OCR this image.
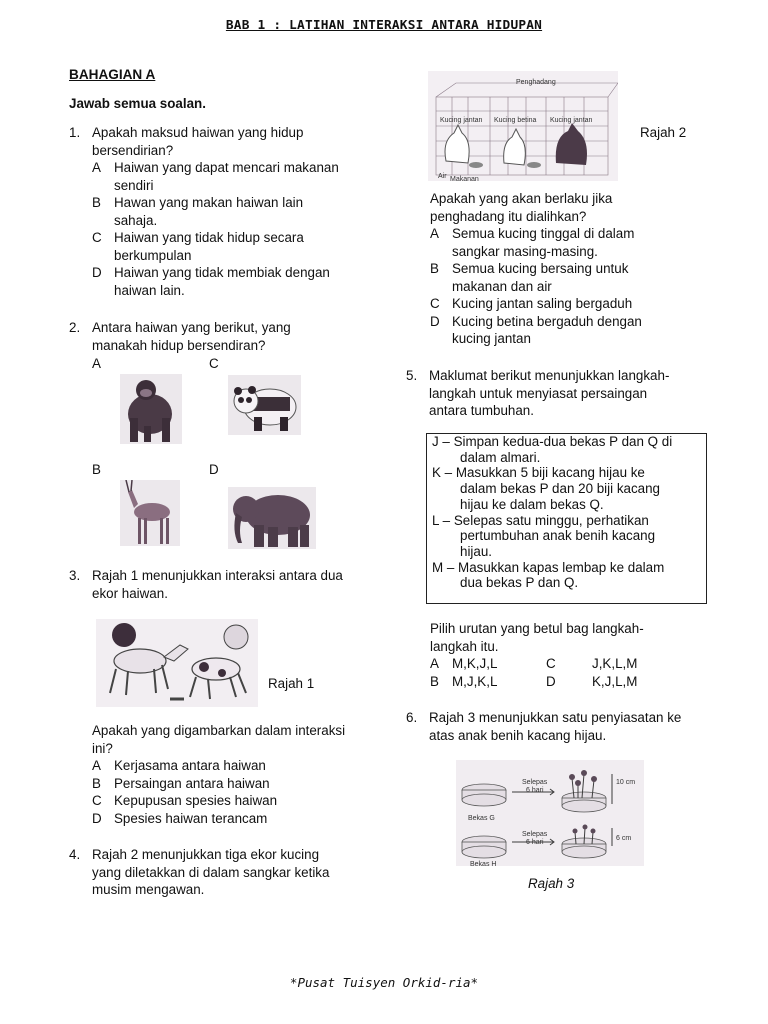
BAB 1 : LATIHAN INTERAKSI ANTARA HIDUPAN
BAHAGIAN A
Jawab semua soalan.
1. Apakah maksud haiwan yang hidup
bersendirian?
A Haiwan yang dapat mencari makanan
sendiri
B Hawan yang makan haiwan lain
sahaja.
C Haiwan yang tidak hidup secara
berkumpulan
D Haiwan yang tidak membiak dengan
haiwan lain.
2. Antara haiwan yang berikut, yang
manakah hidup bersendiran?
A	C
B	D
3. Rajah 1 menunjukkan interaksi antara dua
ekor haiwan.
Rajah 1
Apakah yang digambarkan dalam interaksi
ini?
A Kerjasama antara haiwan
B Persaingan antara haiwan
C Kepupusan spesies haiwan
D Spesies haiwan terancam
4. Rajah 2 menunjukkan tiga ekor kucing
yang diletakkan di dalam sangkar ketika
musim mengawan.
Penghadang
Kucing jantan Kucing betina Kucing jantan
Air Makanan
Rajah 2
Apakah yang akan berlaku jika
penghadang itu dialihkan?
A Semua kucing tinggal di dalam
sangkar masing-masing.
B Semua kucing bersaing untuk
makanan dan air
C Kucing jantan saling bergaduh
D Kucing betina bergaduh dengan
kucing jantan
5. Maklumat berikut menunjukkan langkah-
langkah untuk menyiasat persaingan
antara tumbuhan.
J – Simpan kedua-dua bekas P dan Q di
dalam almari.
K – Masukkan 5 biji kacang hijau ke
dalam bekas P dan 20 biji kacang
hijau ke dalam bekas Q.
L – Selepas satu minggu, perhatikan
pertumbuhan anak benih kacang
hijau.
M – Masukkan kapas lembap ke dalam
dua bekas P dan Q.
Pilih urutan yang betul bag langkah-
langkah itu.
A M,K,J,L	C	J,K,L,M
B M,J,K,L	D	K,J,L,M
6. Rajah 3 menunjukkan satu penyiasatan ke
atas anak benih kacang hijau.
Selepas
6 hari
Bekas G
10 cm
Selepas
6 hari
Bekas H
6 cm
Rajah 3
*Pusat Tuisyen Orkid-ria*
